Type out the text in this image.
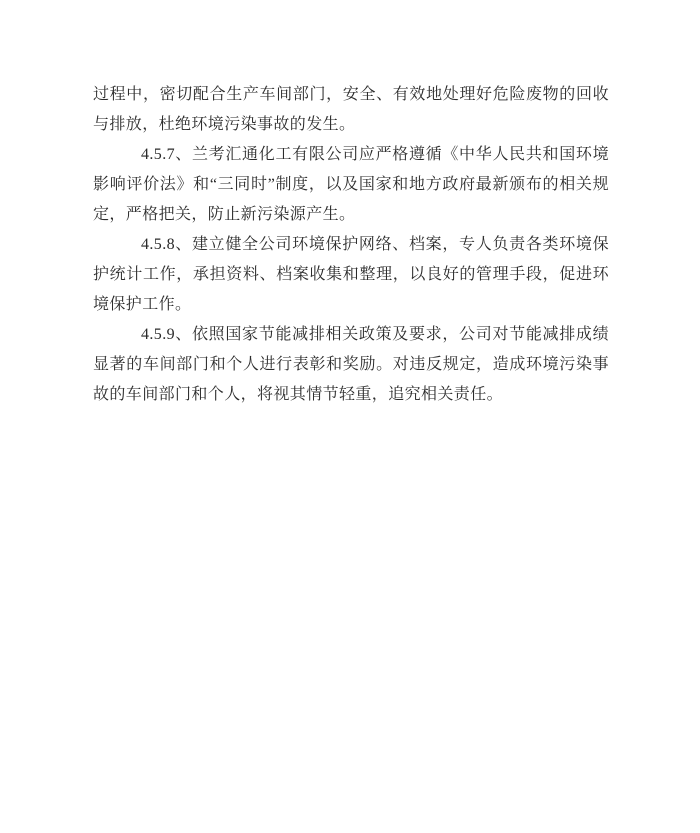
过程中，密切配合生产车间部门，安全、有效地处理好危险废物的回收与排放，杜绝环境污染事故的发生。

4.5.7、兰考汇通化工有限公司应严格遵循《中华人民共和国环境影响评价法》和“三同时”制度，以及国家和地方政府最新颁布的相关规定，严格把关，防止新污染源产生。

4.5.8、建立健全公司环境保护网络、档案，专人负责各类环境保护统计工作，承担资料、档案收集和整理，以良好的管理手段，促进环境保护工作。

4.5.9、依照国家节能减排相关政策及要求，公司对节能减排成绩显著的车间部门和个人进行表彰和奖励。对违反规定，造成环境污染事故的车间部门和个人，将视其情节轻重，追究相关责任。
